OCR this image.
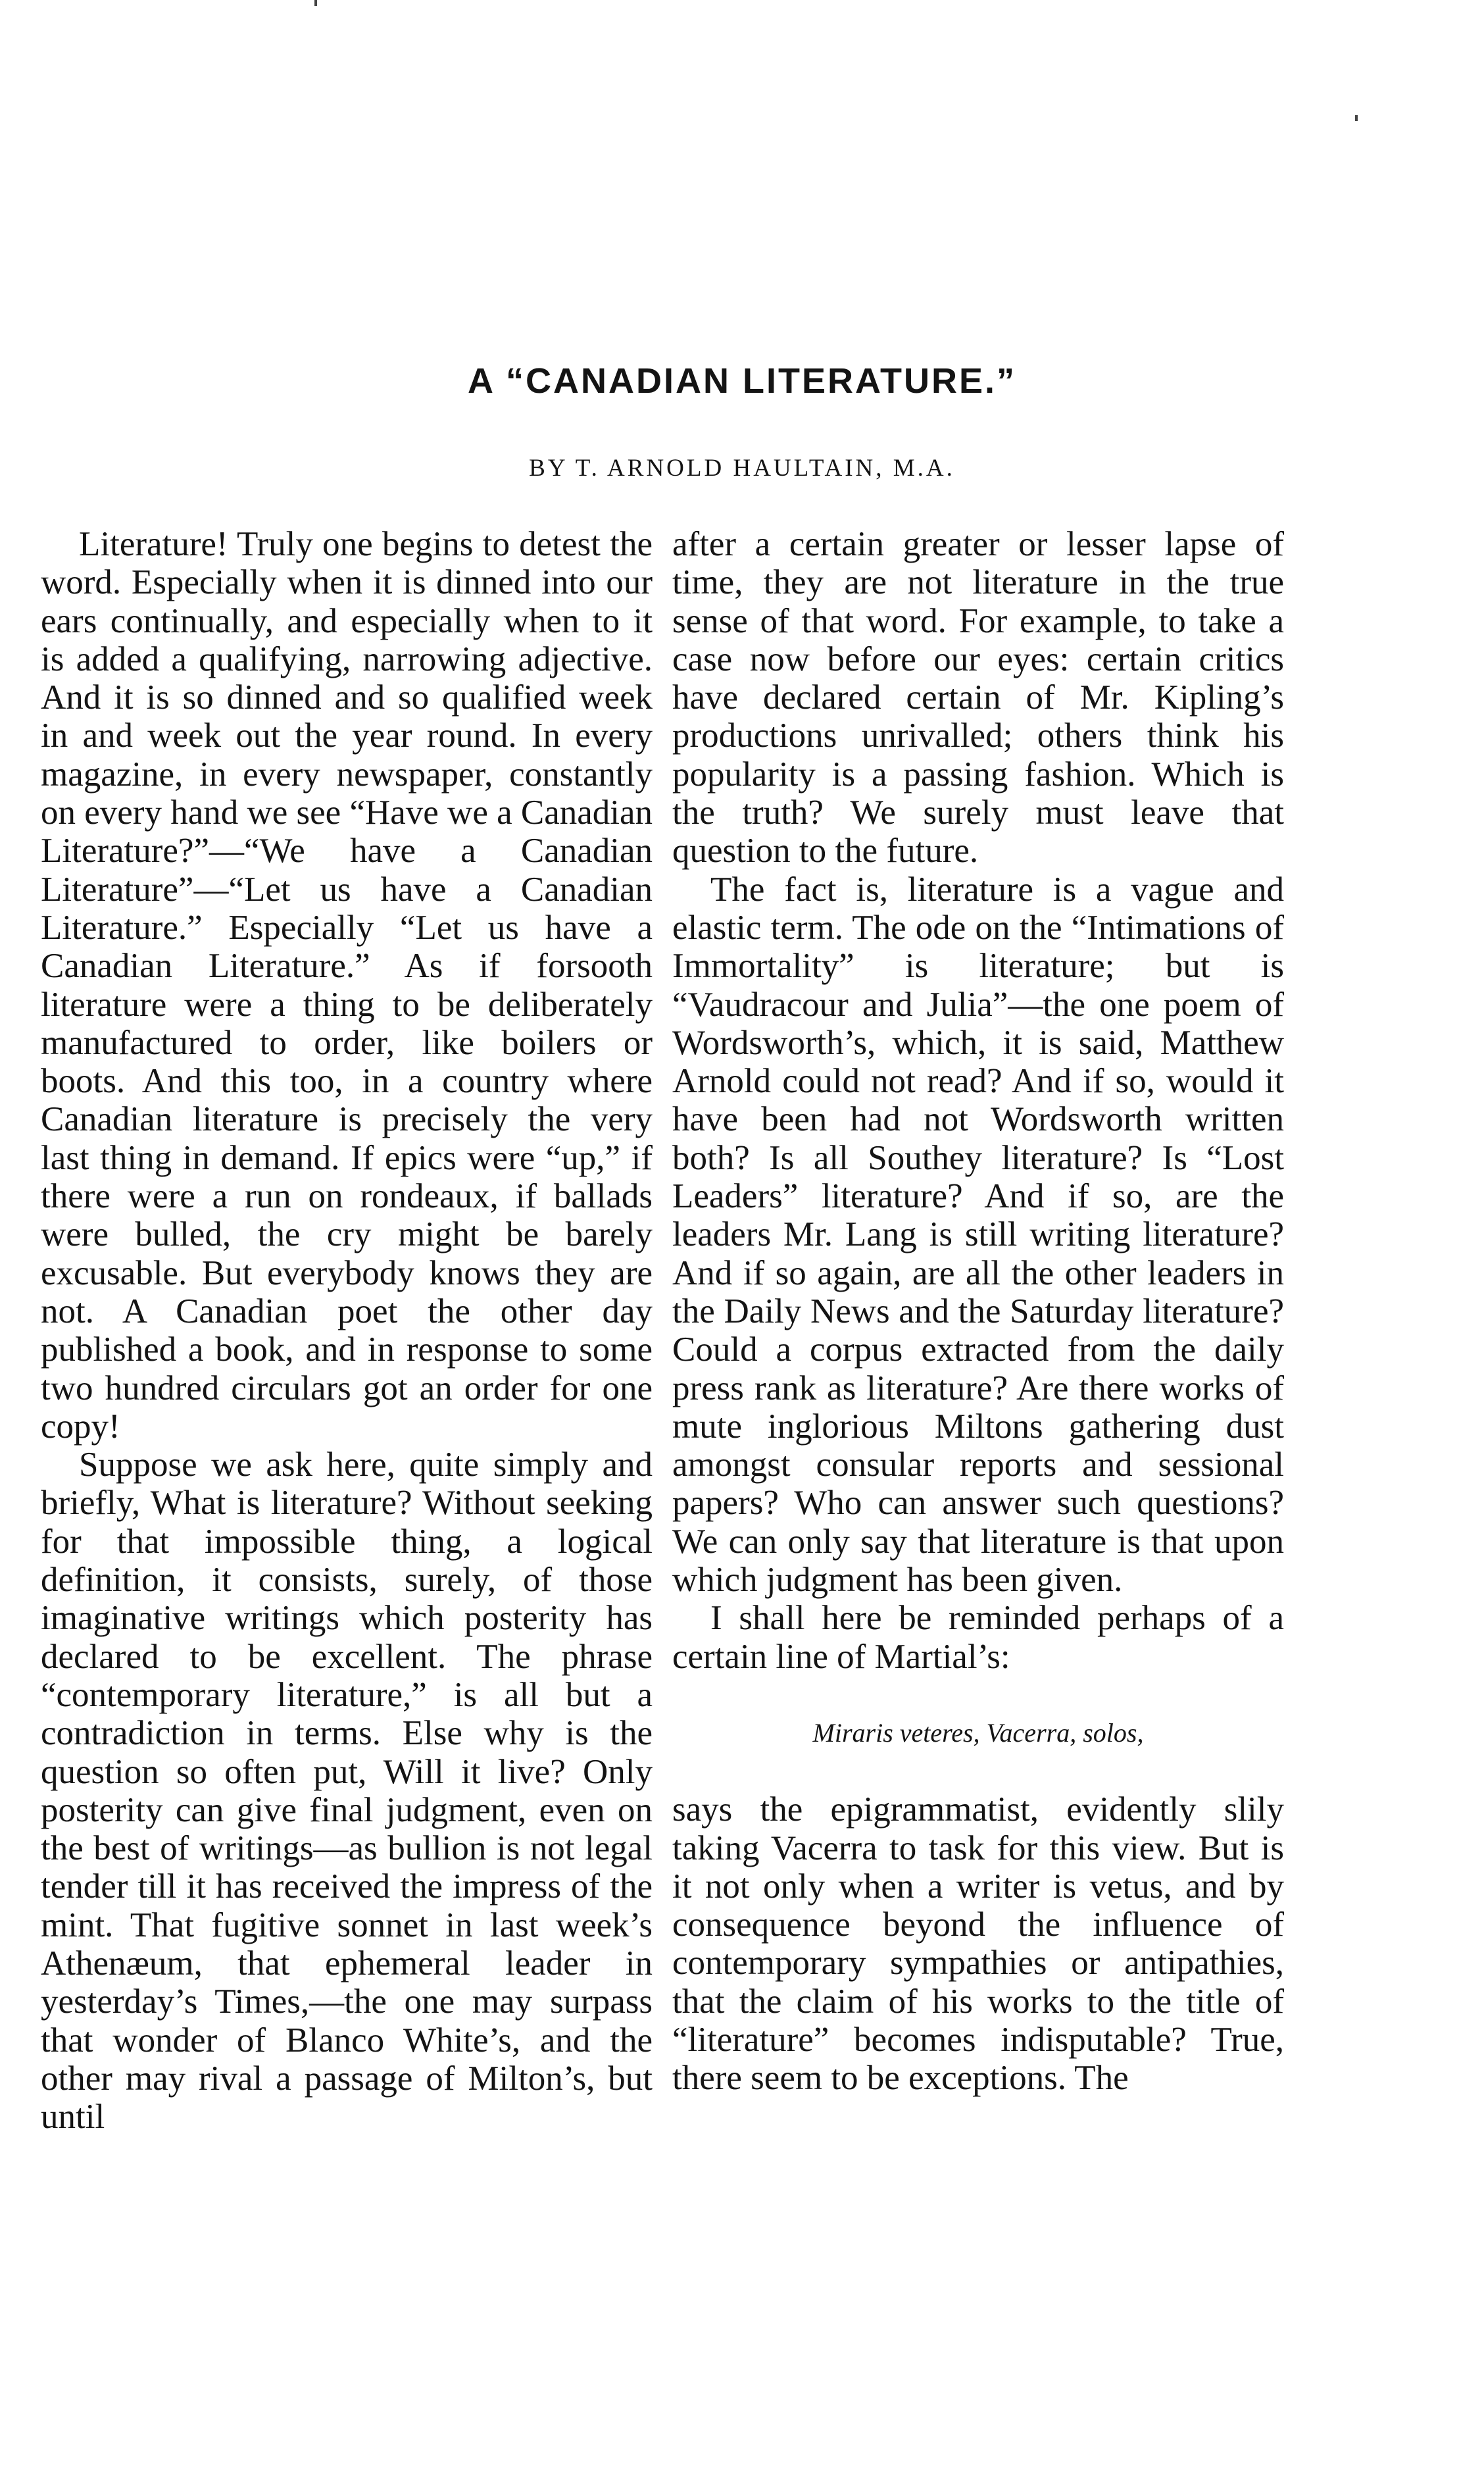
A “CANADIAN LITERATURE.”
BY T. ARNOLD HAULTAIN, M.A.

Literature! Truly one begins to detest the word. Especially when it is dinned into our ears continually, and especially when to it is added a qualifying, narrowing adjective. And it is so dinned and so qualified week in and week out the year round. In every magazine, in every newspaper, constantly on every hand we see “Have we a Canadian Literature?”—“We have a Canadian Literature”—“Let us have a Canadian Literature.” Especially “Let us have a Canadian Literature.” As if forsooth literature were a thing to be deliberately manufactured to order, like boilers or boots. And this too, in a country where Canadian literature is precisely the very last thing in demand. If epics were “up,” if there were a run on rondeaux, if ballads were bulled, the cry might be barely excusable. But everybody knows they are not. A Canadian poet the other day published a book, and in response to some two hundred circulars got an order for one copy!

Suppose we ask here, quite simply and briefly, What is literature? Without seeking for that impossible thing, a logical definition, it consists, surely, of those imaginative writings which posterity has declared to be excellent. The phrase “contemporary literature,” is all but a contradiction in terms. Else why is the question so often put, Will it live? Only posterity can give final judgment, even on the best of writings—as bullion is not legal tender till it has received the impress of the mint. That fugitive sonnet in last week’s Athenæum, that ephemeral leader in yesterday’s Times,—the one may surpass that wonder of Blanco White’s, and the other may rival a passage of Milton’s, but until

after a certain greater or lesser lapse of time, they are not literature in the true sense of that word. For example, to take a case now before our eyes: certain critics have declared certain of Mr. Kipling’s productions unrivalled; others think his popularity is a passing fashion. Which is the truth? We surely must leave that question to the future.

The fact is, literature is a vague and elastic term. The ode on the “Intimations of Immortality” is literature; but is “Vaudracour and Julia”—the one poem of Wordsworth’s, which, it is said, Matthew Arnold could not read? And if so, would it have been had not Wordsworth written both? Is all Southey literature? Is “Lost Leaders” literature? And if so, are the leaders Mr. Lang is still writing literature? And if so again, are all the other leaders in the Daily News and the Saturday literature? Could a corpus extracted from the daily press rank as literature? Are there works of mute inglorious Miltons gathering dust amongst consular reports and sessional papers? Who can answer such questions? We can only say that literature is that upon which judgment has been given.

I shall here be reminded perhaps of a certain line of Martial’s:

Miraris veteres, Vacerra, solos,

says the epigrammatist, evidently slily taking Vacerra to task for this view. But is it not only when a writer is vetus, and by consequence beyond the influence of contemporary sympathies or antipathies, that the claim of his works to the title of “literature” becomes indisputable? True, there seem to be exceptions. The
